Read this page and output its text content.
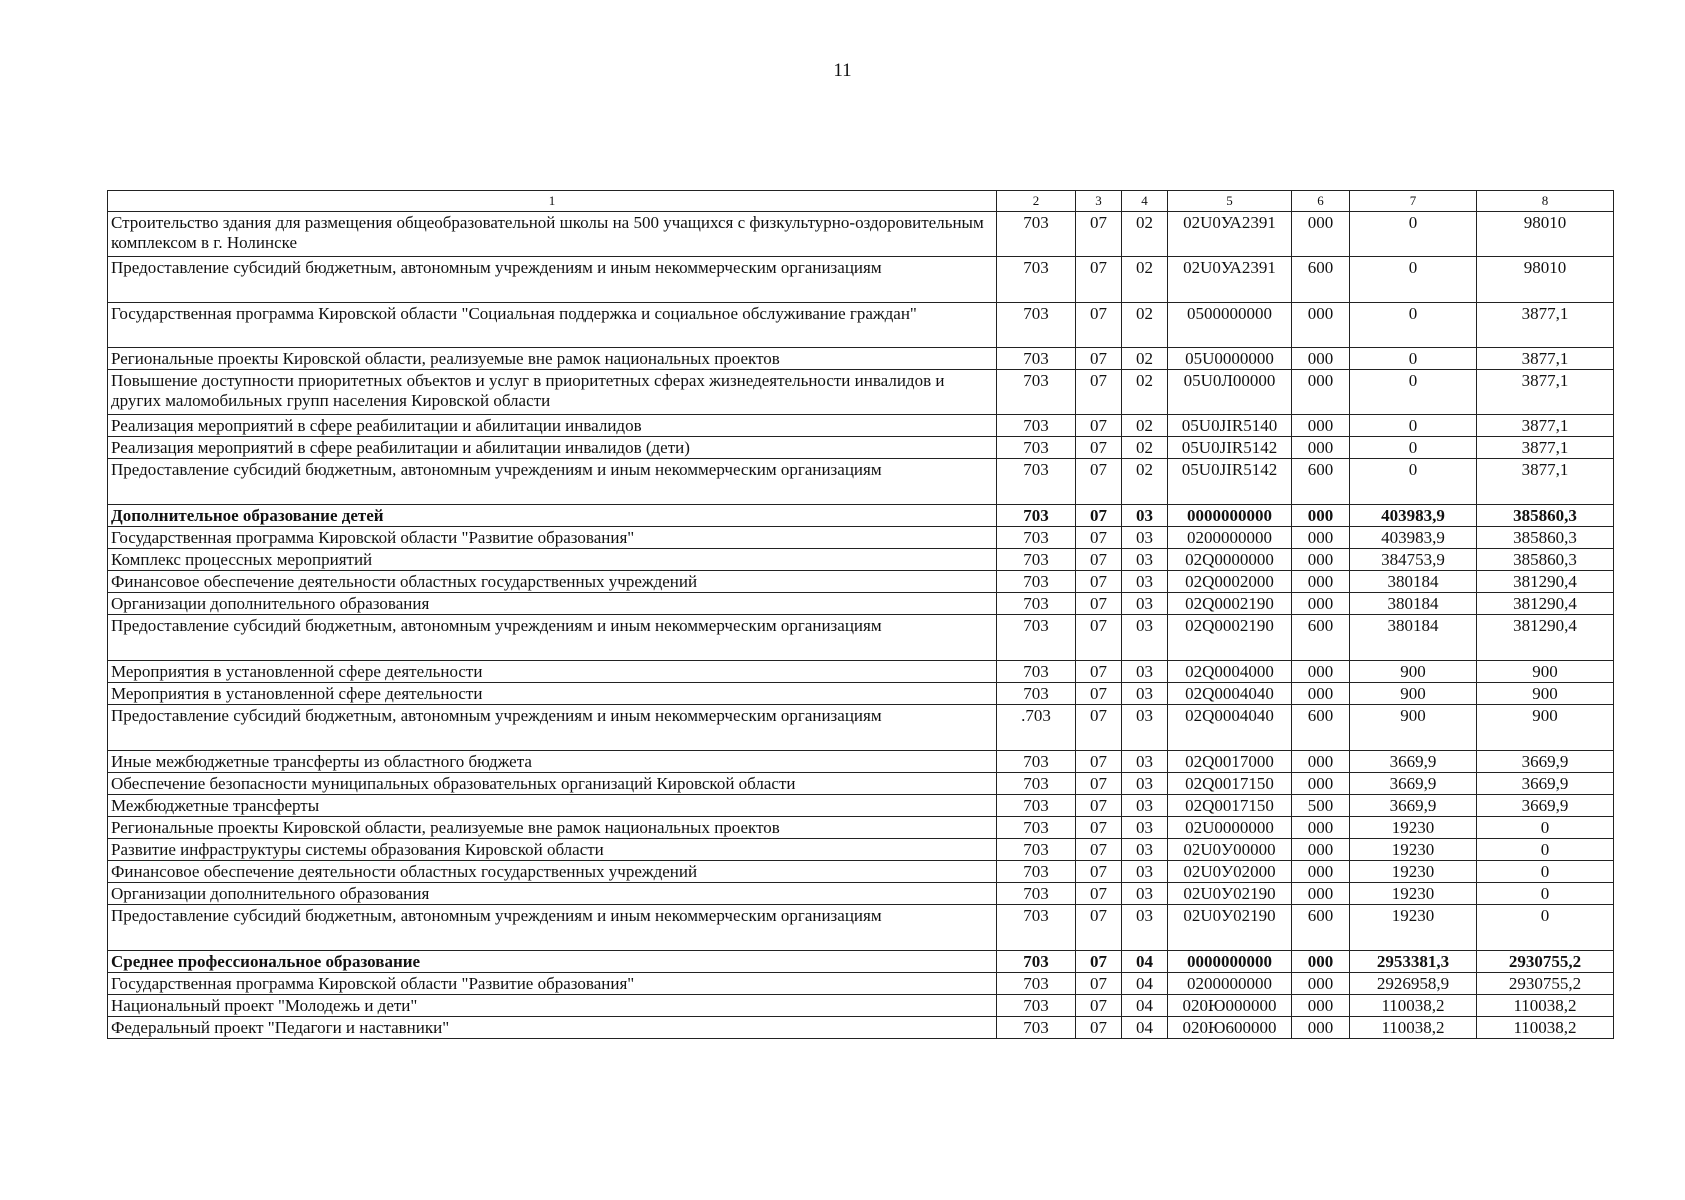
11
1	2	3	4	5	6	7	8
Строительство здания для размещения общеобразовательной школы на 500 учащихся с физкультурно-оздоровительным комплексом в г. Нолинске	703	07	02	02U0УА2391	000	0	98010
Предоставление субсидий бюджетным, автономным учреждениям и иным некоммерческим организациям	703	07	02	02U0УА2391	600	0	98010
Государственная программа Кировской области "Социальная поддержка и социальное обслуживание граждан"	703	07	02	0500000000	000	0	3877,1
Региональные проекты Кировской области, реализуемые вне рамок национальных проектов	703	07	02	05U0000000	000	0	3877,1
Повышение доступности приоритетных объектов и услуг в приоритетных сферах жизнедеятельности инвалидов и других маломобильных групп населения Кировской области	703	07	02	05U0Л00000	000	0	3877,1
Реализация мероприятий в сфере реабилитации и абилитации инвалидов	703	07	02	05U0JIR5140	000	0	3877,1
Реализация мероприятий в сфере реабилитации и абилитации инвалидов (дети)	703	07	02	05U0JIR5142	000	0	3877,1
Предоставление субсидий бюджетным, автономным учреждениям и иным некоммерческим организациям	703	07	02	05U0JIR5142	600	0	3877,1
Дополнительное образование детей	703	07	03	0000000000	000	403983,9	385860,3
Государственная программа Кировской области "Развитие образования"	703	07	03	0200000000	000	403983,9	385860,3
Комплекс процессных мероприятий	703	07	03	02Q0000000	000	384753,9	385860,3
Финансовое обеспечение деятельности областных государственных учреждений	703	07	03	02Q0002000	000	380184	381290,4
Организации дополнительного образования	703	07	03	02Q0002190	000	380184	381290,4
Предоставление субсидий бюджетным, автономным учреждениям и иным некоммерческим организациям	703	07	03	02Q0002190	600	380184	381290,4
Мероприятия в установленной сфере деятельности	703	07	03	02Q0004000	000	900	900
Мероприятия в установленной сфере деятельности	703	07	03	02Q0004040	000	900	900
Предоставление субсидий бюджетным, автономным учреждениям и иным некоммерческим организациям	.703	07	03	02Q0004040	600	900	900
Иные межбюджетные трансферты из областного бюджета	703	07	03	02Q0017000	000	3669,9	3669,9
Обеспечение безопасности муниципальных образовательных организаций Кировской области	703	07	03	02Q0017150	000	3669,9	3669,9
Межбюджетные трансферты	703	07	03	02Q0017150	500	3669,9	3669,9
Региональные проекты Кировской области, реализуемые вне рамок национальных проектов	703	07	03	02U0000000	000	19230	0
Развитие инфраструктуры системы образования Кировской области	703	07	03	02U0У00000	000	19230	0
Финансовое обеспечение деятельности областных государственных учреждений	703	07	03	02U0У02000	000	19230	0
Организации дополнительного образования	703	07	03	02U0У02190	000	19230	0
Предоставление субсидий бюджетным, автономным учреждениям и иным некоммерческим организациям	703	07	03	02U0У02190	600	19230	0
Среднее профессиональное образование	703	07	04	0000000000	000	2953381,3	2930755,2
Государственная программа Кировской области "Развитие образования"	703	07	04	0200000000	000	2926958,9	2930755,2
Национальный проект "Молодежь и дети"	703	07	04	020Ю000000	000	110038,2	110038,2
Федеральный проект "Педагоги и наставники"	703	07	04	020Ю600000	000	110038,2	110038,2
